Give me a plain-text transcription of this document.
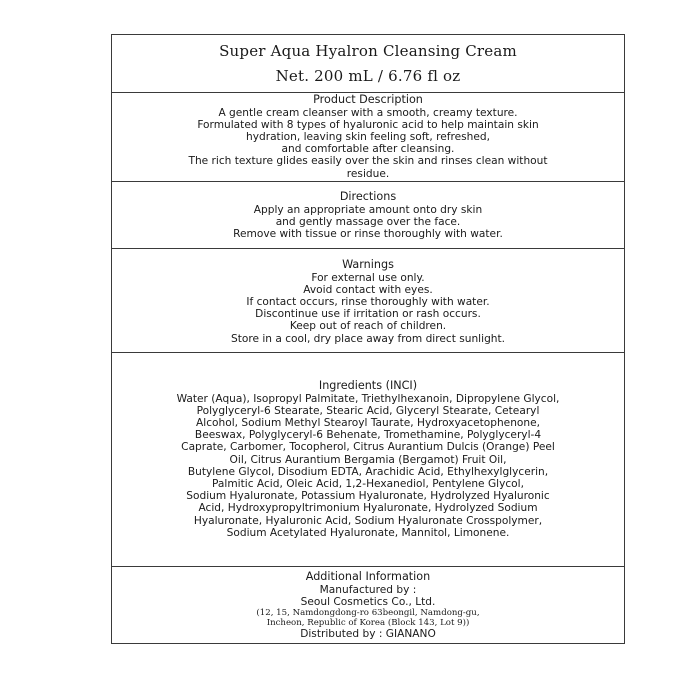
Super Aqua Hyalron Cleansing Cream
Net. 200 mL / 6.76 fl oz
Product Description
A gentle cream cleanser with a smooth, creamy texture.
Formulated with 8 types of hyaluronic acid to help maintain skin
hydration, leaving skin feeling soft, refreshed,
and comfortable after cleansing.
The rich texture glides easily over the skin and rinses clean without
residue.
Directions
Apply an appropriate amount onto dry skin
and gently massage over the face.
Remove with tissue or rinse thoroughly with water.
Warnings
For external use only.
Avoid contact with eyes.
If contact occurs, rinse thoroughly with water.
Discontinue use if irritation or rash occurs.
Keep out of reach of children.
Store in a cool, dry place away from direct sunlight.
Ingredients (INCI)
Water (Aqua), Isopropyl Palmitate, Triethylhexanoin, Dipropylene Glycol,
Polyglyceryl-6 Stearate, Stearic Acid, Glyceryl Stearate, Cetearyl
Alcohol, Sodium Methyl Stearoyl Taurate, Hydroxyacetophenone,
Beeswax, Polyglyceryl-6 Behenate, Tromethamine, Polyglyceryl-4
Caprate, Carbomer, Tocopherol, Citrus Aurantium Dulcis (Orange) Peel
Oil, Citrus Aurantium Bergamia (Bergamot) Fruit Oil,
Butylene Glycol, Disodium EDTA, Arachidic Acid, Ethylhexylglycerin,
Palmitic Acid, Oleic Acid, 1,2-Hexanediol, Pentylene Glycol,
Sodium Hyaluronate, Potassium Hyaluronate, Hydrolyzed Hyaluronic
Acid, Hydroxypropyltrimonium Hyaluronate, Hydrolyzed Sodium
Hyaluronate, Hyaluronic Acid, Sodium Hyaluronate Crosspolymer,
Sodium Acetylated Hyaluronate, Mannitol, Limonene.
Additional Information
Manufactured by :
Seoul Cosmetics Co., Ltd.
(12, 15, Namdongdong-ro 63beongil, Namdong-gu,
Incheon, Republic of Korea (Block 143, Lot 9))
Distributed by : GIANANO
